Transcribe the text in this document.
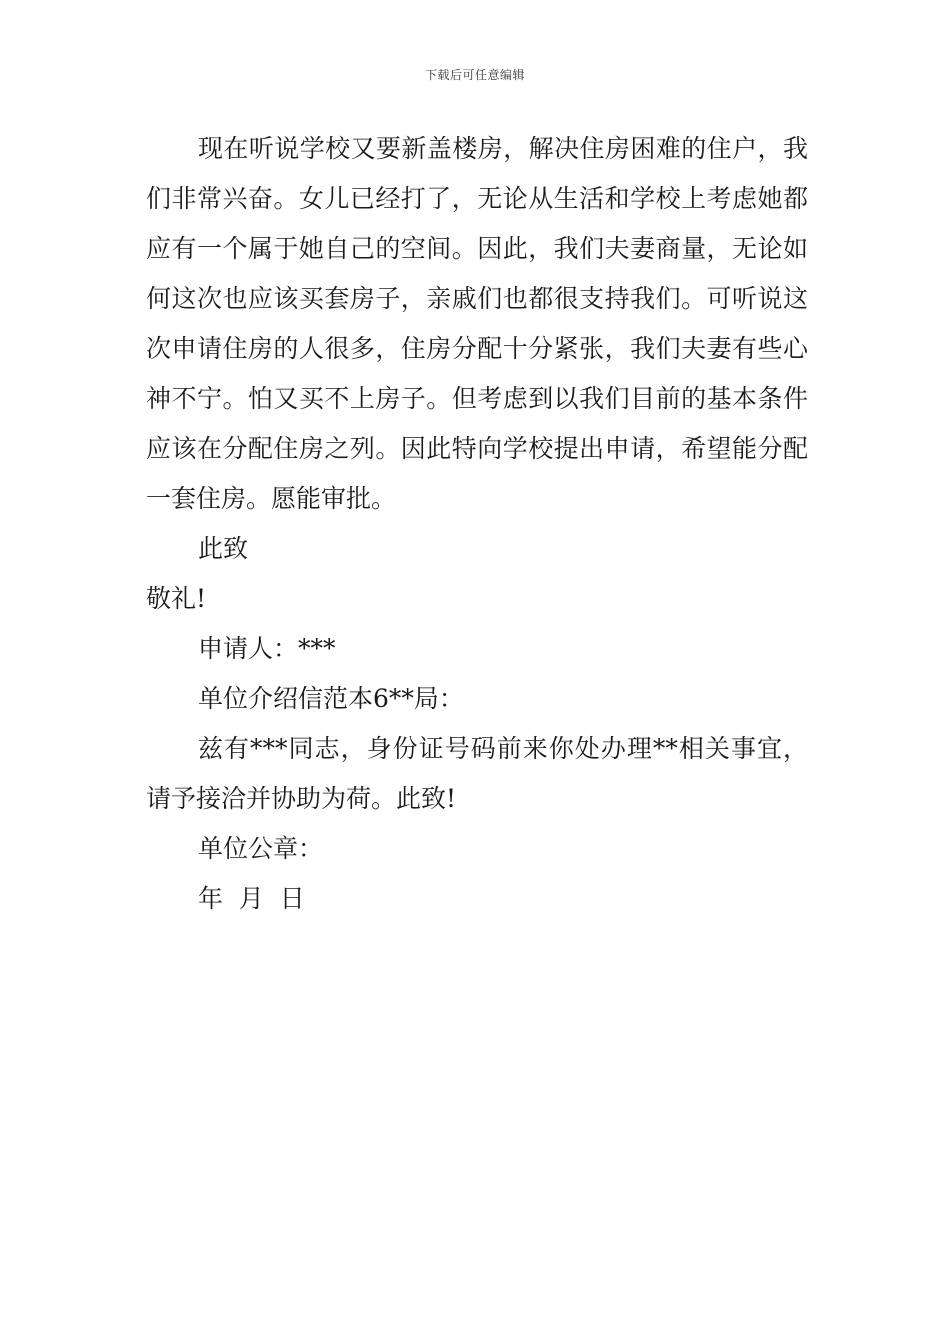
下载后可任意编辑

现在听说学校又要新盖楼房，解决住房困难的住户，我们非常兴奋。女儿已经打了，无论从生活和学校上考虑她都应有一个属于她自己的空间。因此，我们夫妻商量，无论如何这次也应该买套房子，亲戚们也都很支持我们。可听说这次申请住房的人很多，住房分配十分紧张，我们夫妻有些心神不宁。怕又买不上房子。但考虑到以我们目前的基本条件应该在分配住房之列。因此特向学校提出申请，希望能分配一套住房。愿能审批。

此致

敬礼!

申请人：***

单位介绍信范本6**局：

兹有***同志，身份证号码前来你处办理**相关事宜，请予接洽并协助为荷。此致!

单位公章：

年  月  日
